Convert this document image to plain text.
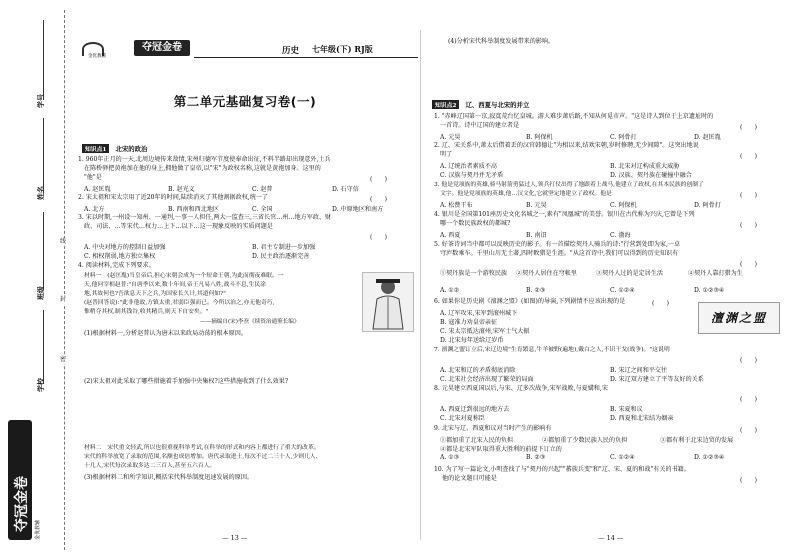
学号
姓名
班级
学校
线
封
密
夺冠金卷 金优教辅
金优教辅
夺冠金卷	历史 七年级(下) RJ版
第二单元基础复习卷(一)
知识点1 北宋的政治
1. 960年正月的一天,北周边境传来敌情,宋州归德军节度使奉命出征,不料半路却出现意外,士兵
在陈桥驿把黄袍加在他的身上,拥他做了皇帝,以"宋"为政权名称,这就是黄袍加身。这里的
"他"是	(　　)
A. 赵匡胤	B. 赵光义	C. 赵普	D. 石守信
2. 宋太祖和宋太宗用了近20年的时间,陆续消灭了其他割据政权,统一了	(　　)
A. 北方	B. 西南和西北地区	C. 全国	D. 中原地区和南方
3. 宋以时期,一州设一知州、一通判,一事一人担任,两大一监查三,三省长官…州…地方军政、财
政、司法、…等宋代…权力…上下…以下…这一现象反映的实质问题是
(　　)
A. 中央对地方的控制日益加强	B. 君主专制进一步加强
C. 相权削弱,地方独立集权	D. 民主政治逐渐完善
4. 阅读材料,完成下列要求。
材料一　(赵匡胤)当皇帝后,担心宋朝会成为一个短命王朝,为此而彻夜难眠。一
天,他问宰相赵普:"自唐季以来,数十年间,帝王凡易八姓,战斗不息,生民涂
地,其故何也?吾欲息天下之兵,为国家长久计,其道何如?"
(赵普回答说):"此非他故,方镇太重,君弱臣强而已。今所以治之,亦无他奇巧,
惟稍夺其权,制其钱谷,收其精兵,则天下自安矣。"
——摘编自(宋)李焘《续资治通鉴长编》
(1)根据材料一,分析赵普认为唐末以来政局动荡的根本原因。
(2)宋太祖对此采取了哪些措施着手加强中央集权?这些措施收到了什么效果?
材料二　宋代重文轻武,所以也很重视科举考试,在科举的形式和内容上都进行了重大的改革。
宋代的科举放宽了录取的范围,名额也成倍增加。唐代录取进士,每次不过二三十人,少则几人、
十几人,宋代每次录取多达二三百人,甚至五六百人。
(3)根据材料二和所学知识,概括宋代科举制度迅速发展的原因。
— 13 —
(4)分析宋代科举制度发展带来的影响。
知识点2 辽、西夏与北宋的并立
1. "赤峰辽国第一京,寂寞荒台忆皇城。游人难步萧后路,不知从何觅市声。"这是诗人到位于上京遗址时的
一首诗。诗中辽国的建立者是	(　　)
A. 元昊	B. 阿保机	C. 阿骨打	D. 赵匡胤
2. 辽、宋关系中,萧太后借着丢的汉官韩德让"为相以来,结欢宋朝,岁时修聘,无少间隙"。这突出地说
明了	(　　)
A. 辽统治者素质不高	B. 北宋对辽构成重大威胁
C. 汉族与契丹并无矛盾	D. 汉族、契丹族在碰撞中融合
3. 他是党项族的英雄,骑马射箭勇猛过人,领兵打仗出得了地跟着上战马,他建立了政权,在其本民族的创制了
文字。他是党项族的英雄,他…汉文化,它就坚定地建立了政权。他是	(　　)
A. 松赞干布	B. 元昊	C. 阿保机	D. 阿骨打
4. 银川是全国第101座历史文化名城之一,素有"凤凰城"的美誉。银川在古代称为兴庆,它曾是下列
哪一个数民族政权的都城?	(　　)
A. 西夏	B. 南诏	C. 渤海
5. 好茶诗词当中都可以反映历史的影子。有一首描绘契丹人骑兵的诗:"行营到处即为家,一卓
穹庐数乘车。千里山川无土著,四时畋猎是生涯。"从这首诗中,我们可以得到的历史知识有
(　　)
①契丹族是一个游牧民族 ②契丹人居住在穹帐里	③契丹人过的是定居生活	④契丹人靠打猎为生
A. ①②	B. ②③	C. ①②④	D. ①②③④
6. 如果你是历史剧《澶渊之盟》(如图)的导演,下列剧情不应该出现的是	(　　)
A. 辽军攻宋,宋军到澶州城下
B. 寇准力劝皇帝亲征
C. 宋太宗抵达澶州,宋军士气大振
D. 北宋每年送给辽岁币
澶渊之盟
7. 澶渊之盟订立后,宋辽边境"生育繁息,牛羊被野(遍地),戴白之人,不识干戈(战争)。"这说明
(　　)
A. 北宋和辽的矛盾彻底消除	B. 宋辽之间和平交往
C. 北宋社会经济出现了繁荣的局面	D. 宋辽双方建立了平等友好的关系
8. 元昊建立西夏国以后,与宋、辽多次战争,宋军战败,与夏媾和,宋
(　　)
A. 西夏迁到很远的地方去	B. 宋夏和议
C. 北宋对夏称臣	D. 西夏和北宋结为姻亲
9. 北宋与辽、西夏和议对当时产生的影响有	(　　)
①都加重了北宋人民的负担	②都加重了少数民族人民的负担	③都有利于北宋边贸的发展
④都是北宋军队取得重大胜利的前提下订立的
A. ①③	B. ②③	C. ①②④	D. ①②③④
10. 为了写一篇论文,小明查找了与"契丹的兴起""蕃族兵变"和"辽、宋、夏的和战"有关的书籍。
他的论文题目可能是	(　　)
— 14 —
